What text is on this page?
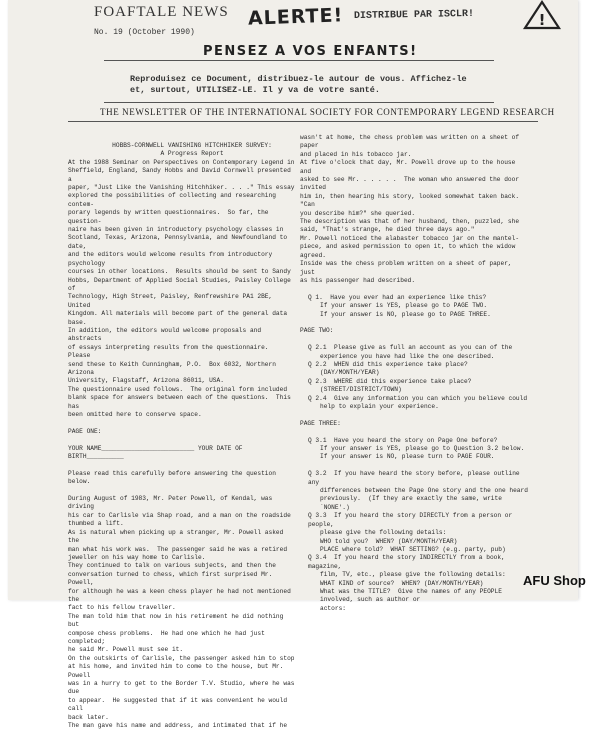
FOAFTALE NEWS
No. 19 (October 1990)
ALERTE! DISTRIBUE PAR ISCLR!	!
PENSEZ A VOS ENFANTS!
Reproduisez ce Document, distribuez-le autour de vous. Affichez-le
et, surtout, UTILISEZ-LE. Il y va de votre santé.
THE NEWSLETTER OF THE INTERNATIONAL SOCIETY FOR CONTEMPORARY LEGEND RESEARCH

HOBBS-CORNWELL VANISHING HITCHHIKER SURVEY:

A Progress Report

At the 1988 Seminar on Perspectives on Contemporary Legend in

Sheffield, England, Sandy Hobbs and David Cornwell presented a

paper, "Just Like the Vanishing Hitchhiker. . . ." This essay

explored the possibilities of collecting and researching contem-

porary legends by written questionnaires.  So far, the question-

naire has been given in introductory psychology classes in

Scotland, Texas, Arizona, Pennsylvania, and Newfoundland to date,

and the editors would welcome results from introductory psychology

courses in other locations.  Results should be sent to Sandy

Hobbs, Department of Applied Social Studies, Paisley College of

Technology, High Street, Paisley, Renfrewshire PA1 2BE, United

Kingdom. All materials will become part of the general data base.

In addition, the editors would welcome proposals and abstracts

of essays interpreting results from the questionnaire.  Please

send these to Keith Cunningham, P.O.  Box 6032, Northern Arizona

University, Flagstaff, Arizona 86011, USA.

The questionnaire used follows.  The original form included

blank space for answers between each of the questions.  This has

been omitted here to conserve space.

PAGE ONE:

YOUR NAME_________________________ YOUR DATE OF BIRTH__________

Please read this carefully before answering the question below.

During August of 1983, Mr. Peter Powell, of Kendal, was driving

his car to Carlisle via Shap road, and a man on the roadside

thumbed a lift.

As is natural when picking up a stranger, Mr. Powell asked the

man what his work was.  The passenger said he was a retired

jeweller on his way home to Carlisle.

They continued to talk on various subjects, and then the

conversation turned to chess, which first surprised Mr.  Powell,

for although he was a keen chess player he had not mentioned the

fact to his fellow traveller.

The man told him that now in his retirement he did nothing but

compose chess problems.  He had one which he had just completed;

he said Mr. Powell must see it.

On the outskirts of Carlisle, the passenger asked him to stop

at his home, and invited him to come to the house, but Mr. Powell

was in a hurry to get to the Border T.V. Studio, where he was due

to appear.  He suggested that if it was convenient he would call

back later.

The man gave his name and address, and intimated that if he

wasn't at home, the chess problem was written on a sheet of paper

and placed in his tobacco jar.

At five o'clock that day, Mr. Powell drove up to the house and

asked to see Mr. . . . . .  The woman who answered the door invited

him in, then hearing his story, looked somewhat taken back.  "Can

you describe him?" she queried.

The description was that of her husband, then, puzzled, she

said, "That's strange, he died three days ago."

Mr. Powell noticed the alabaster tobacco jar on the mantel-

piece, and asked permission to open it, to which the widow agreed.

Inside was the chess problem written on a sheet of paper, just

as his passenger had described.

Q 1.  Have you ever had an experience like this?

If your answer is YES, please go to PAGE TWO.

If your answer is NO, please go to PAGE THREE.

PAGE TWO:

Q 2.1  Please give as full an account as you can of the

experience you have had like the one described.

Q 2.2  WHEN did this experience take place?

(DAY/MONTH/YEAR)

Q 2.3  WHERE did this experience take place?

(STREET/DISTRICT/TOWN)

Q 2.4  Give any information you can which you believe could

help to explain your experience.

PAGE THREE:

Q 3.1  Have you heard the story on Page One before?

If your answer is YES, please go to Question 3.2 below.

If your answer is NO, please turn to PAGE FOUR.

Q 3.2  If you have heard the story before, please outline any

differences between the Page One story and the one heard

previously.  (If they are exactly the same, write `NONE'.)

Q 3.3  If you heard the story DIRECTLY from a person or people,

please give the following details:

WHO told you?  WHEN? (DAY/MONTH/YEAR)

PLACE where told?  WHAT SETTING? (e.g. party, pub)

Q 3.4  If you heard the story INDIRECTLY from a book, magazine,

film, TV, etc., please give the following details:

WHAT KIND of source?  WHEN? (DAY/MONTH/YEAR)

What was the TITLE?  Give the names of any PEOPLE

involved, such as author or

actors:

AFU Shop
